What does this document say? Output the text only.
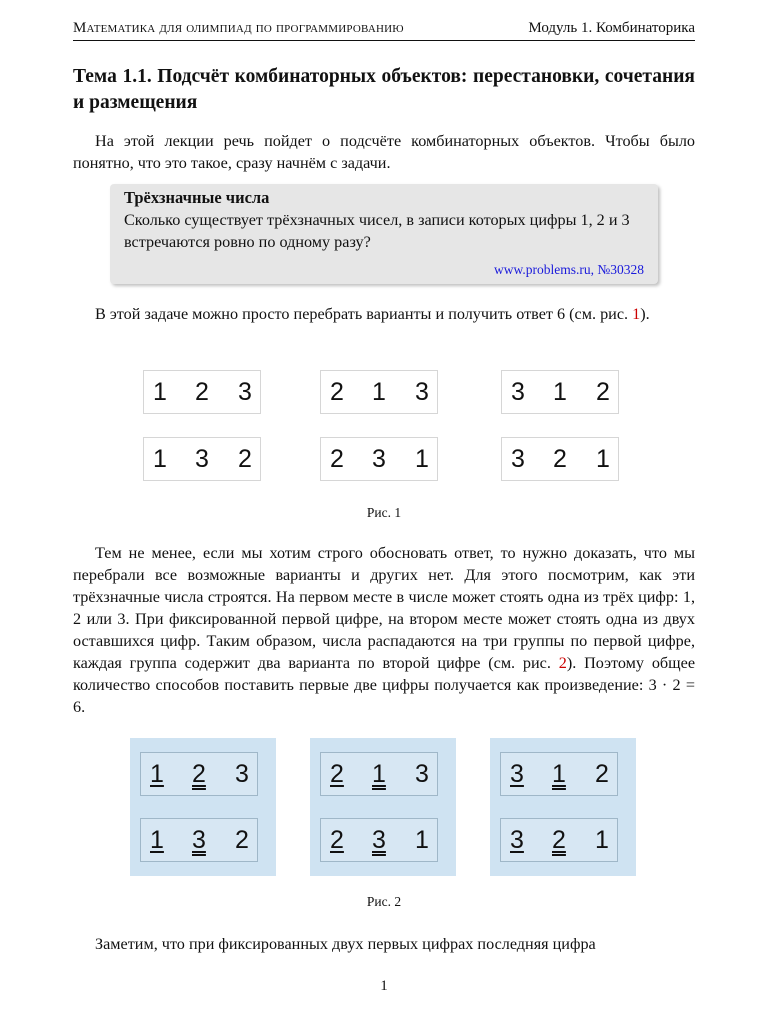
Математика для олимпиад по программированию	Модуль 1. Комбинаторика
Тема 1.1. Подсчёт комбинаторных объектов: перестановки, сочетания и размещения
На этой лекции речь пойдет о подсчёте комбинаторных объектов. Чтобы было понятно, что это такое, сразу начнём с задачи.
Трёхзначные числа
Сколько существует трёхзначных чисел, в записи которых цифры 1, 2 и 3 встречаются ровно по одному разу?
www.problems.ru, №30328
В этой задаче можно просто перебрать варианты и получить ответ 6 (см. рис. 1).
1 2 3	2 1 3	3 1 2
1 3 2	2 3 1	3 2 1
Рис. 1
Тем не менее, если мы хотим строго обосновать ответ, то нужно доказать, что мы перебрали все возможные варианты и других нет. Для этого посмотрим, как эти трёхзначные числа строятся. На первом месте в числе может стоять одна из трёх цифр: 1, 2 или 3. При фиксированной первой цифре, на втором месте может стоять одна из двух оставшихся цифр. Таким образом, числа распадаются на три группы по первой цифре, каждая группа содержит два варианта по второй цифре (см. рис. 2). Поэтому общее количество способов поставить первые две цифры получается как произведение: 3 · 2 = 6.
1 2 3
1 3 2
2 1 3
2 3 1
3 1 2
3 2 1
Рис. 2
Заметим, что при фиксированных двух первых цифрах последняя цифра
1
